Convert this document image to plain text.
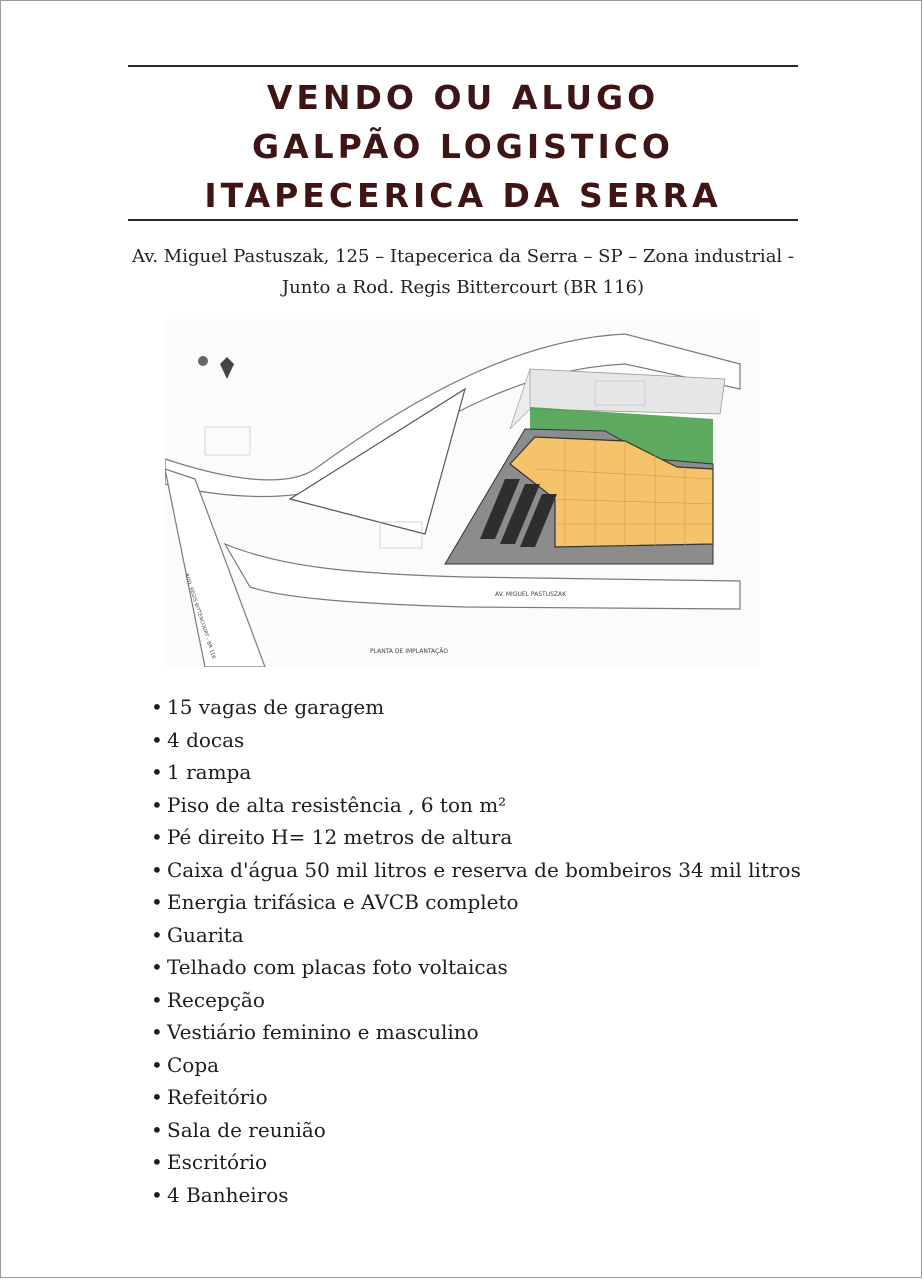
VENDO OU ALUGO
GALPÃO LOGISTICO
ITAPECERICA DA SERRA
Av. Miguel Pastuszak, 125 – Itapecerica da Serra – SP – Zona industrial -
Junto a Rod. Regis Bittercourt (BR 116)
AV. MIGUEL PASTUSZAK
PLANTA DE IMPLANTAÇÃO
ROD. REGIS BITTENCOURT - BR 116
• 15 vagas de garagem
• 4 docas
• 1 rampa
• Piso de alta resistência , 6 ton m²
• Pé direito H= 12 metros de altura
• Caixa d'água 50 mil litros e reserva de bombeiros 34 mil litros
• Energia trifásica e AVCB completo
• Guarita
• Telhado com placas foto voltaicas
• Recepção
• Vestiário feminino e masculino
• Copa
• Refeitório
• Sala de reunião
• Escritório
• 4 Banheiros
